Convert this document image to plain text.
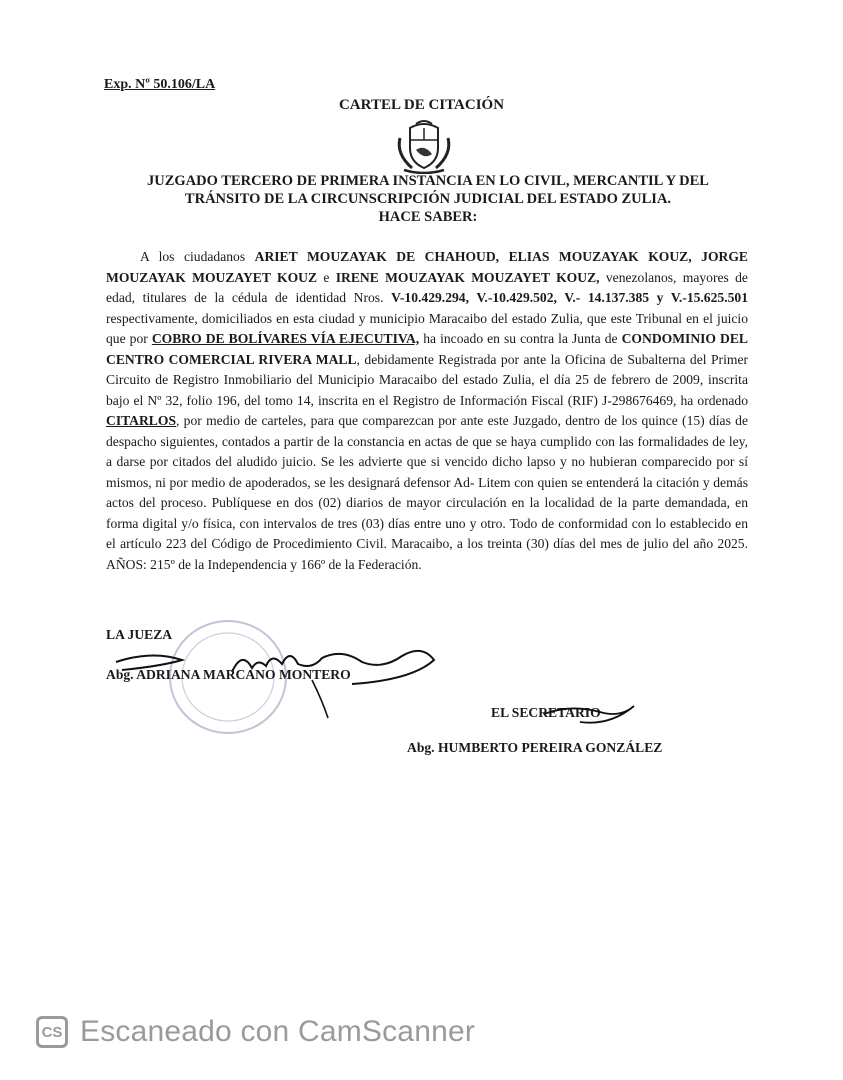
Exp. Nº 50.106/LA
CARTEL DE CITACIÓN
JUZGADO TERCERO DE PRIMERA INSTANCIA EN LO CIVIL, MERCANTIL Y DEL
TRÁNSITO DE LA CIRCUNSCRIPCIÓN JUDICIAL DEL ESTADO ZULIA.
HACE SABER:
A los ciudadanos ARIET MOUZAYAK DE CHAHOUD, ELIAS MOUZAYAK KOUZ, JORGE MOUZAYAK MOUZAYET KOUZ e IRENE MOUZAYAK MOUZAYET KOUZ, venezolanos, mayores de edad, titulares de la cédula de identidad Nros. V-10.429.294, V.-10.429.502, V.- 14.137.385 y V.-15.625.501 respectivamente, domiciliados en esta ciudad y municipio Maracaibo del estado Zulia, que este Tribunal en el juicio que por COBRO DE BOLÍVARES VÍA EJECUTIVA, ha incoado en su contra la Junta de CONDOMINIO DEL CENTRO COMERCIAL RIVERA MALL, debidamente Registrada por ante la Oficina de Subalterna del Primer Circuito de Registro Inmobiliario del Municipio Maracaibo del estado Zulia, el día 25 de febrero de 2009, inscrita bajo el Nº 32, folio 196, del tomo 14, inscrita en el Registro de Información Fiscal (RIF) J-298676469, ha ordenado CITARLOS, por medio de carteles, para que comparezcan por ante este Juzgado, dentro de los quince (15) días de despacho siguientes, contados a partir de la constancia en actas de que se haya cumplido con las formalidades de ley, a darse por citados del aludido juicio. Se les advierte que si vencido dicho lapso y no hubieran comparecido por sí mismos, ni por medio de apoderados, se les designará defensor Ad- Litem con quien se entenderá la citación y demás actos del proceso. Publíquese en dos (02) diarios de mayor circulación en la localidad de la parte demandada, en forma digital y/o física, con intervalos de tres (03) días entre uno y otro. Todo de conformidad con lo establecido en el artículo 223 del Código de Procedimiento Civil. Maracaibo, a los treinta (30) días del mes de julio del año 2025. AÑOS: 215º de la Independencia y 166º de la Federación.
LA JUEZA
Abg. ADRIANA MARCANO MONTERO
EL SECRETARIO
Abg. HUMBERTO PEREIRA GONZÁLEZ
CS Escaneado con CamScanner
